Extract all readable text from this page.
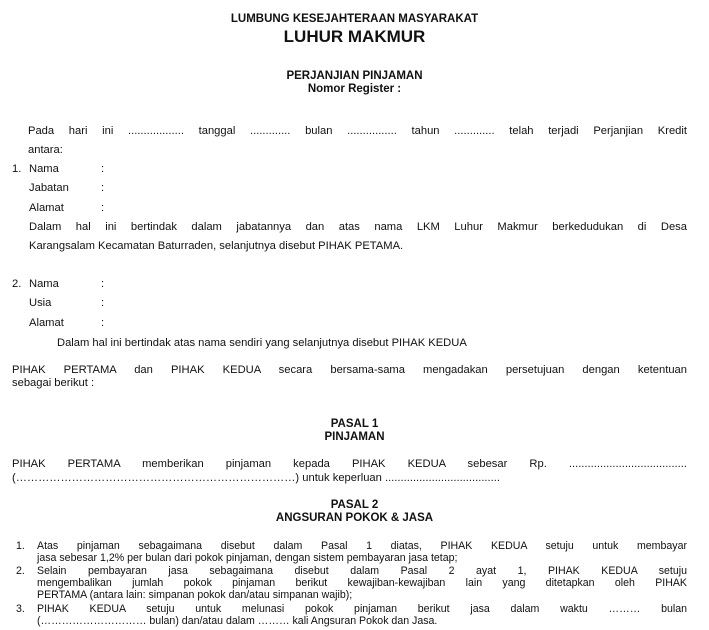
LUMBUNG KESEJAHTERAAN MASYARAKAT
LUHUR MAKMUR
PERJANJIAN PINJAMAN
Nomor Register :
Pada hari ini .................. tanggal ............. bulan ................ tahun ............. telah terjadi Perjanjian Kredit
antara:
1. Nama	:
Jabatan	:
Alamat	:
Dalam hal ini bertindak dalam jabatannya dan atas nama LKM Luhur Makmur berkedudukan di Desa
Karangsalam Kecamatan Baturraden, selanjutnya disebut PIHAK PETAMA.
2. Nama	:
Usia	:
Alamat	:
Dalam hal ini bertindak atas nama sendiri yang selanjutnya disebut PIHAK KEDUA
PIHAK PERTAMA dan PIHAK KEDUA secara bersama-sama mengadakan persetujuan dengan ketentuan
sebagai berikut :
PASAL 1
PINJAMAN
PIHAK PERTAMA memberikan pinjaman kepada PIHAK KEDUA sebesar Rp. ......................................
(…………………………………………………………………) untuk keperluan .....................................
PASAL 2
ANGSURAN POKOK & JASA
1. Atas pinjaman sebagaimana disebut dalam Pasal 1 diatas, PIHAK KEDUA setuju untuk membayar
jasa sebesar 1,2% per bulan dari pokok pinjaman, dengan sistem pembayaran jasa tetap;
2. Selain pembayaran jasa sebagaimana disebut dalam Pasal 2 ayat 1, PIHAK KEDUA setuju
mengembalikan jumlah pokok pinjaman berikut kewajiban-kewajiban lain yang ditetapkan oleh PIHAK
PERTAMA (antara lain: simpanan pokok dan/atau simpanan wajib);
3. PIHAK KEDUA setuju untuk melunasi pokok pinjaman berikut jasa dalam waktu ……… bulan
(………………………… bulan) dan/atau dalam ……… kali Angsuran Pokok dan Jasa.
